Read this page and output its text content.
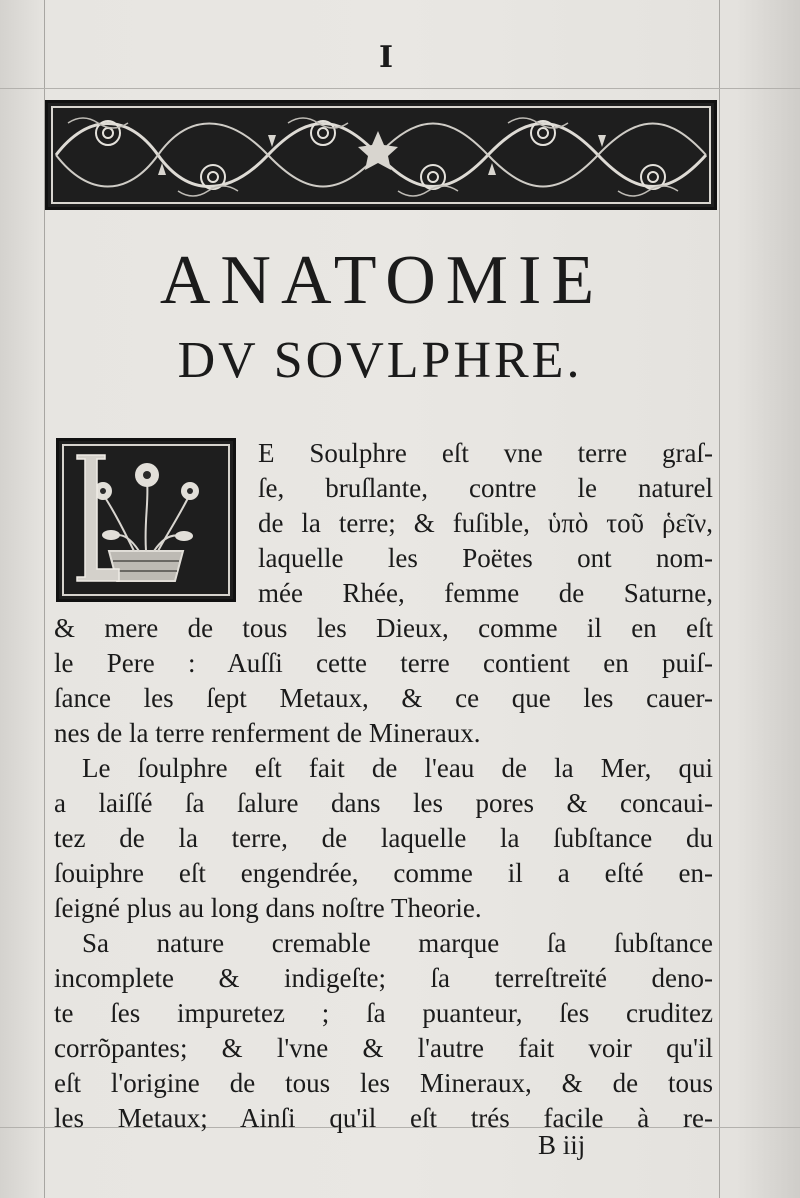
I
ANATOMIE
DV SOVLPHRE.
E Soulphre eſt vne terre graſ-
ſe, bruſlante, contre le naturel
de la terre; & fuſible, ὑπὸ τοῦ ῥεῖν,
laquelle les Poëtes ont nom-
mée Rhée, femme de Saturne,
& mere de tous les Dieux, comme il en eſt
le Pere : Auſſi cette terre contient en puiſ-
ſance les ſept Metaux, & ce que les cauer-
nes de la terre renferment de Mineraux.
Le ſoulphre eſt fait de l'eau de la Mer, qui
a laiſſé ſa ſalure dans les pores & concaui-
tez de la terre, de laquelle la ſubſtance du
ſouiphre eſt engendrée, comme il a eſté en-
ſeigné plus au long dans noſtre Theorie.
Sa nature cremable marque ſa ſubſtance
incomplete & indigeſte; ſa terreſtreïté deno-
te ſes impuretez ; ſa puanteur, ſes cruditez
corrõpantes; & l'vne & l'autre fait voir qu'il
eſt l'origine de tous les Mineraux, & de tous
les Metaux; Ainſi qu'il eſt trés facile à re-
B iij
